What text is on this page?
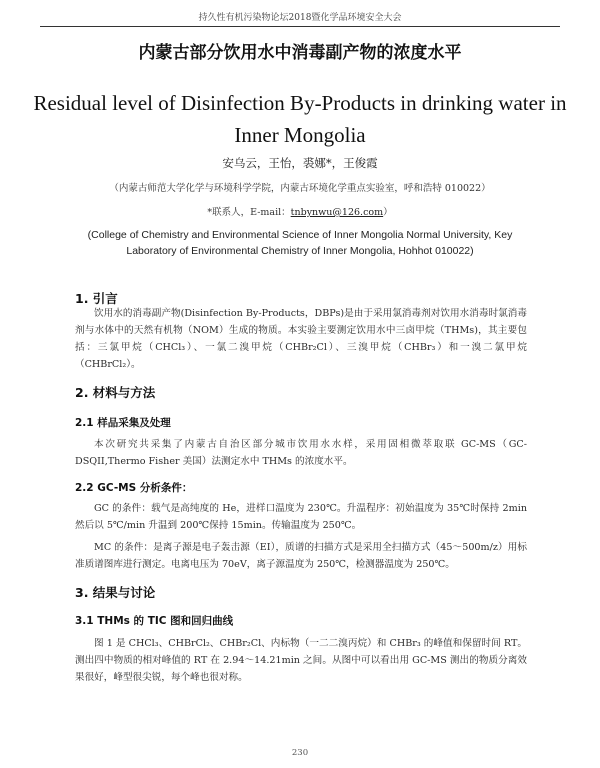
持久性有机污染物论坛2018暨化学品环境安全大会
内蒙古部分饮用水中消毒副产物的浓度水平
Residual level of Disinfection By-Products in drinking water in Inner Mongolia
安乌云，王怡，裘娜*，王俊霞
（内蒙古师范大学化学与环境科学学院，内蒙古环境化学重点实验室，呼和浩特 010022）
*联系人，E-mail：tnbynwu@126.com）
(College of Chemistry and Environmental Science of Inner Mongolia Normal University, Key Laboratory of Environmental Chemistry of Inner Mongolia, Hohhot 010022)
1. 引言
饮用水的消毒副产物(Disinfection By-Products，DBPs)是由于采用氯消毒剂对饮用水消毒时氯消毒剂与水体中的天然有机物（NOM）生成的物质。本实验主要测定饮用水中三卤甲烷（THMs)，其主要包括：三氯甲烷（CHCl₃）、一氯二溴甲烷（CHBr₂Cl）、三溴甲烷（CHBr₃）和一溴二氯甲烷（CHBrCl₂）。
2. 材料与方法
2.1 样品采集及处理
本次研究共采集了内蒙古自治区部分城市饮用水水样，采用固相微萃取联 GC-MS（GC-DSQII,Thermo Fisher 美国）法测定水中 THMs 的浓度水平。
2.2 GC-MS 分析条件：
GC 的条件：载气是高纯度的 He，进样口温度为 230℃。升温程序：初始温度为 35℃时保持 2min 然后以 5℃/min 升温到 200℃保持 15min。传输温度为 250℃。
MC 的条件：是离子源是电子轰击源（EI），质谱的扫描方式是采用全扫描方式（45～500m/z）用标准质谱图库进行测定。电离电压为 70eV，离子源温度为 250℃，检测器温度为 250℃。
3. 结果与讨论
3.1 THMs 的 TIC 图和回归曲线
图 1 是 CHCl₃、CHBrCl₂、CHBr₂Cl、内标物（一二二溴丙烷）和 CHBr₃ 的峰值和保留时间 RT。测出四中物质的相对峰值的 RT 在 2.94～14.21min 之间。从图中可以看出用 GC-MS 测出的物质分离效果很好，峰型很尖锐，每个峰也很对称。
230
